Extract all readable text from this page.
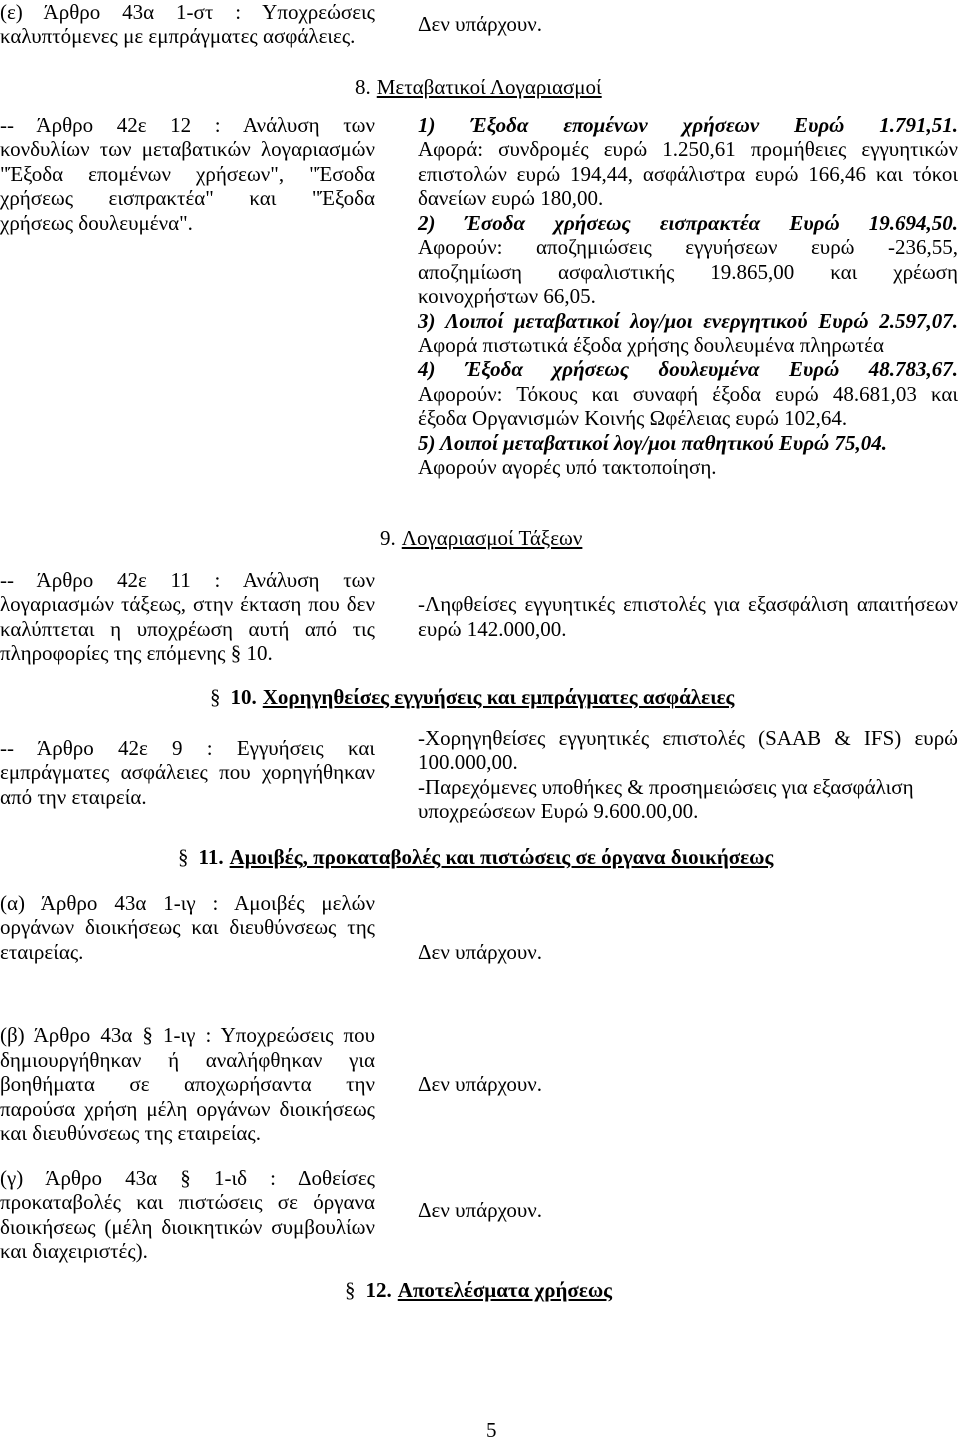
(ε) Άρθρο 43α 1-στ : Υποχρεώσεις
καλυπτόμενες με εμπράγματες ασφάλειες.	Δεν υπάρχουν.
8. Μεταβατικοί Λογαριασμοί
-- Άρθρο 42ε 12 : Ανάλυση των
κονδυλίων των μεταβατικών λογαριασμών
"Έξοδα επομένων χρήσεων", "Έσοδα
χρήσεως εισπρακτέα" και "Έξοδα
χρήσεως δουλευμένα".
1) Έξοδα επομένων χρήσεων Ευρώ 1.791,51.
Αφορά: συνδρομές ευρώ 1.250,61 προμήθειες εγγυητικών
επιστολών ευρώ 194,44, ασφάλιστρα ευρώ 166,46 και τόκοι
δανείων ευρώ 180,00.
2) Έσοδα χρήσεως εισπρακτέα Ευρώ 19.694,50.
Αφορούν: αποζημιώσεις εγγυήσεων ευρώ -236,55,
αποζημίωση ασφαλιστικής 19.865,00 και χρέωση
κοινοχρήστων 66,05.
3) Λοιποί μεταβατικοί λογ/μοι ενεργητικού Ευρώ 2.597,07.
Αφορά πιστωτικά έξοδα χρήσης δουλευμένα πληρωτέα
4) Έξοδα χρήσεως δουλευμένα Ευρώ 48.783,67.
Αφορούν: Τόκους και συναφή έξοδα ευρώ 48.681,03 και
έξοδα Οργανισμών Κοινής Ωφέλειας ευρώ 102,64.
5) Λοιποί μεταβατικοί λογ/μοι παθητικού Ευρώ 75,04.
Αφορούν αγορές υπό τακτοποίηση.
9. Λογαριασμοί Τάξεων
-- Άρθρο 42ε 11 : Ανάλυση των
λογαριασμών τάξεως, στην έκταση που δεν
καλύπτεται η υποχρέωση αυτή από τις
πληροφορίες της επόμενης § 10.
-Ληφθείσες εγγυητικές επιστολές για εξασφάλιση απαιτήσεων
ευρώ 142.000,00.
§ 10. Χορηγηθείσες εγγυήσεις και εμπράγματες ασφάλειες
-- Άρθρο 42ε 9 : Εγγυήσεις και
εμπράγματες ασφάλειες που χορηγήθηκαν
από την εταιρεία.
-Χορηγηθείσες εγγυητικές επιστολές (SAAB & IFS) ευρώ
100.000,00.
-Παρεχόμενες υποθήκες & προσημειώσεις για εξασφάλιση
υποχρεώσεων Ευρώ 9.600.00,00.
§ 11. Αμοιβές, προκαταβολές και πιστώσεις σε όργανα διοικήσεως
(α) Άρθρο 43α 1-ιγ : Αμοιβές μελών
οργάνων διοικήσεως και διευθύνσεως της
εταιρείας.	Δεν υπάρχουν.
(β) Άρθρο 43α § 1-ιγ : Υποχρεώσεις που
δημιουργήθηκαν ή αναλήφθηκαν για
βοηθήματα σε αποχωρήσαντα την
παρούσα χρήση μέλη οργάνων διοικήσεως
και διευθύνσεως της εταιρείας.
Δεν υπάρχουν.
(γ) Άρθρο 43α § 1-ιδ : Δοθείσες
προκαταβολές και πιστώσεις σε όργανα
διοικήσεως (μέλη διοικητικών συμβουλίων
και διαχειριστές).
Δεν υπάρχουν.
§ 12. Αποτελέσματα χρήσεως
5
